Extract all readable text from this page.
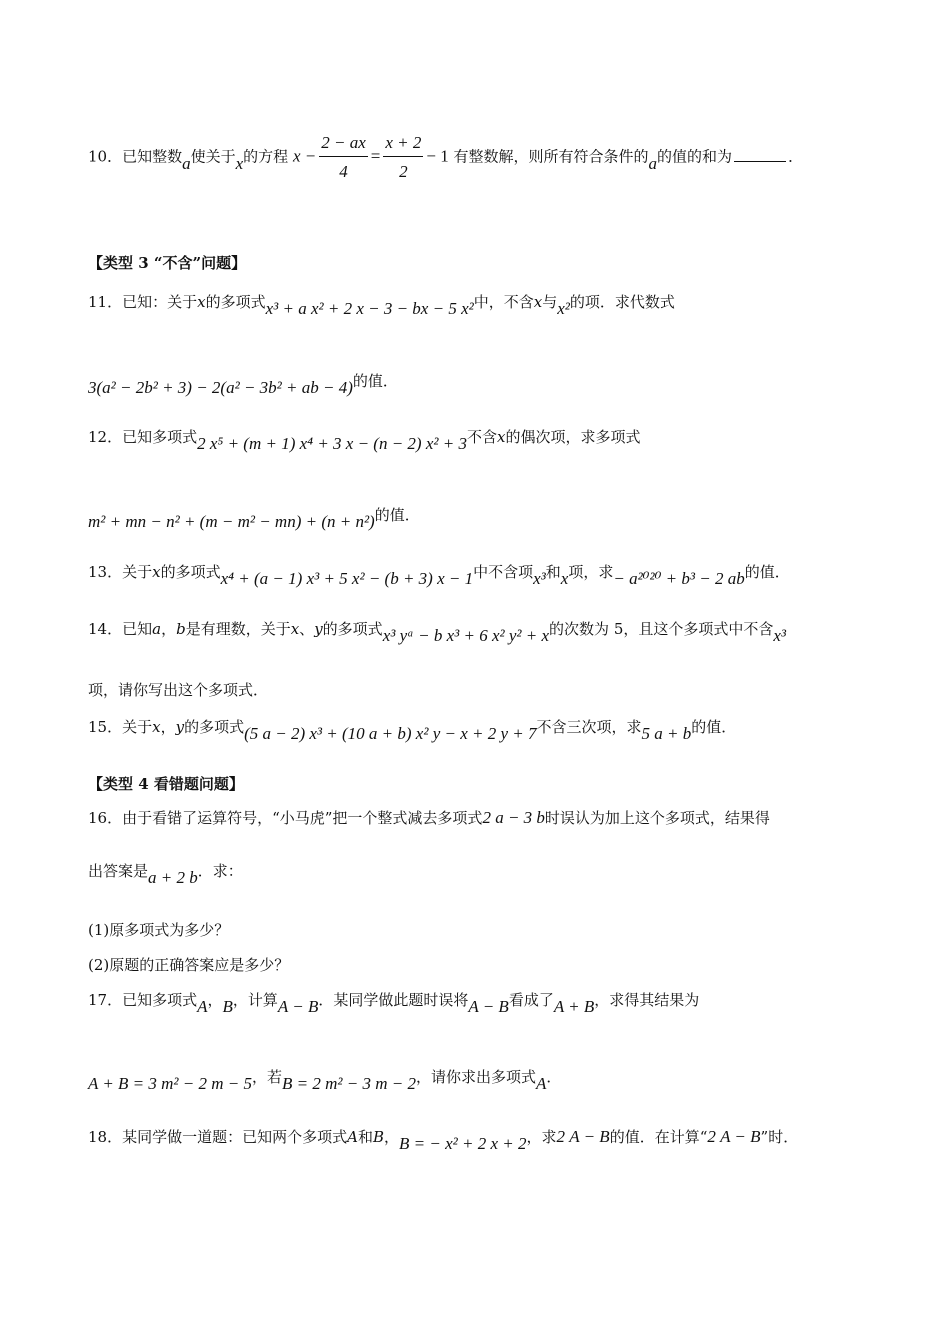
10．已知整数a使关于x的方程 $x - \frac{2 - ax}{4} = \frac{x + 2}{2} - 1$ 有整数解，则所有符合条件的a的值的和为	．
【类型 3 “不含”问题】
11．已知：关于x的多项式x³ + a x² + 2 x − 3 − bx − 5 x²中，不含x与x²的项．求代数式
3(a² − 2b² + 3) − 2(a² − 3b² + ab − 4)的值．
12．已知多项式2 x⁵ + (m + 1) x⁴ + 3 x − (n − 2) x² + 3不含x的偶次项，求多项式
m² + mn − n² + (m − m² − mn) + (n + n²)的值．
13．关于x的多项式x⁴ + (a − 1) x³ + 5 x² − (b + 3) x − 1中不含项x³和x项，求− a²⁰²⁰ + b³ − 2 ab的值．
14．已知a，b是有理数，关于x、y的多项式x³ yᵃ − b x³ + 6 x² y² + x的次数为 5，且这个多项式中不含x³
项，请你写出这个多项式．
15．关于x，y的多项式(5 a − 2) x³ + (10 a + b) x² y − x + 2 y + 7不含三次项，求5 a + b的值．
【类型 4 看错题问题】
16．由于看错了运算符号，“小马虎”把一个整式减去多项式2 a − 3 b时误认为加上这个多项式，结果得
出答案是a + 2 b．求：
(1)原多项式为多少？
(2)原题的正确答案应是多少？
17．已知多项式A，B，计算A − B．某同学做此题时误将A − B看成了A + B，求得其结果为
A + B = 3 m² − 2 m − 5，若B = 2 m² − 3 m − 2，请你求出多项式A．
18．某同学做一道题：已知两个多项式A和B，B = − x² + 2 x + 2，求2 A − B的值．在计算“2 A − B”时．
